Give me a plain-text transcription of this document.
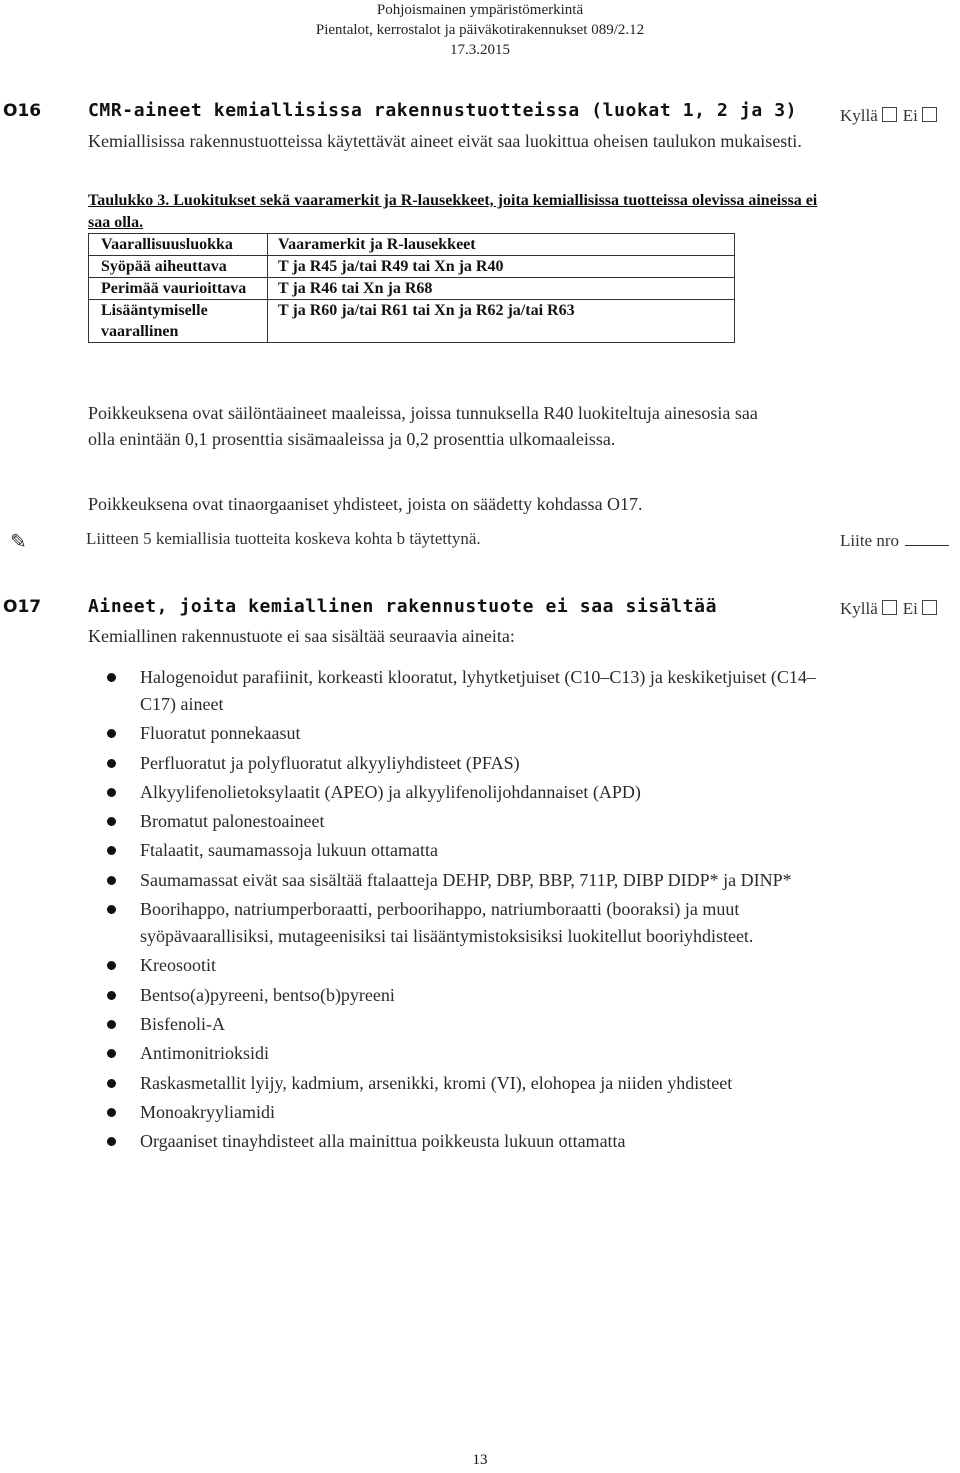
Pohjoismainen ympäristömerkintä
Pientalot, kerrostalot ja päiväkotirakennukset 089/2.12
17.3.2015
O16	CMR-aineet kemiallisissa rakennustuotteissa (luokat 1, 2 ja 3)	Kyllä Ei
Kemiallisissa rakennustuotteissa käytettävät aineet eivät saa luokittua oheisen taulukon mukaisesti.
Taulukko 3. Luokitukset sekä vaaramerkit ja R-lausekkeet, joita kemiallisissa tuotteissa olevissa aineissa ei saa olla.
Vaarallisuusluokka	Vaaramerkit ja R-lausekkeet
Syöpää aiheuttava	T ja R45 ja/tai R49 tai Xn ja R40
Perimää vaurioittava	T ja R46 tai Xn ja R68
Lisääntymiselle vaarallinen	T ja R60 ja/tai R61 tai Xn ja R62 ja/tai R63
Poikkeuksena ovat säilöntäaineet maaleissa, joissa tunnuksella R40 luokiteltuja ainesosia saa olla enintään 0,1 prosenttia sisämaaleissa ja 0,2 prosenttia ulkomaaleissa.
Poikkeuksena ovat tinaorgaaniset yhdisteet, joista on säädetty kohdassa O17.
✎	Liitteen 5 kemiallisia tuotteita koskeva kohta b täytettynä.	Liite nro
O17	Aineet, joita kemiallinen rakennustuote ei saa sisältää	Kyllä Ei
Kemiallinen rakennustuote ei saa sisältää seuraavia aineita:
Halogenoidut parafiinit, korkeasti klooratut, lyhytketjuiset (C10–C13) ja keskiketjuiset (C14–C17) aineet
Fluoratut ponnekaasut
Perfluoratut ja polyfluoratut alkyyliyhdisteet (PFAS)
Alkyylifenolietoksylaatit (APEO) ja alkyylifenolijohdannaiset (APD)
Bromatut palonestoaineet
Ftalaatit, saumamassoja lukuun ottamatta
Saumamassat eivät saa sisältää ftalaatteja DEHP, DBP, BBP, 711P, DIBP DIDP* ja DINP*
Boorihappo, natriumperboraatti, perboorihappo, natriumboraatti (booraksi) ja muut syöpävaarallisiksi, mutageenisiksi tai lisääntymistoksisiksi luokitellut booriyhdisteet.
Kreosootit
Bentso(a)pyreeni, bentso(b)pyreeni
Bisfenoli-A
Antimonitrioksidi
Raskasmetallit lyijy, kadmium, arsenikki, kromi (VI), elohopea ja niiden yhdisteet
Monoakryyliamidi
Orgaaniset tinayhdisteet alla mainittua poikkeusta lukuun ottamatta
13
